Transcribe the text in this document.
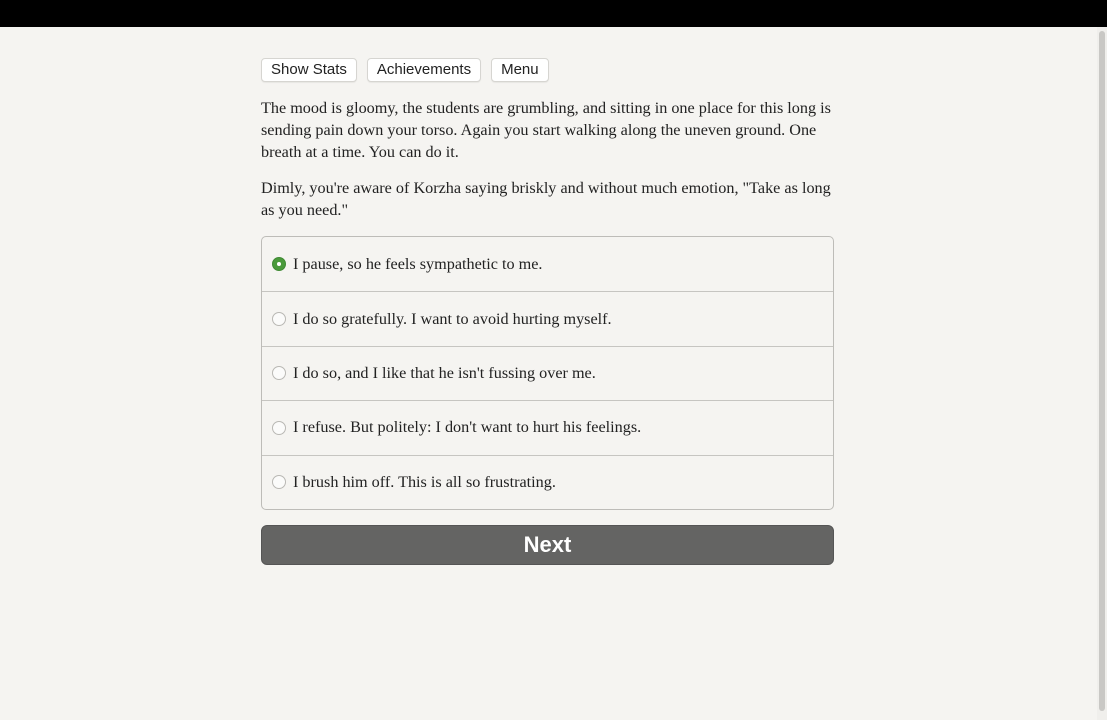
Show Stats	Achievements	Menu

The mood is gloomy, the students are grumbling, and sitting in one place for this long is sending pain down your torso. Again you start walking along the uneven ground. One breath at a time. You can do it.

Dimly, you're aware of Korzha saying briskly and without much emotion, "Take as long as you need."

I pause, so he feels sympathetic to me.
I do so gratefully. I want to avoid hurting myself.
I do so, and I like that he isn't fussing over me.
I refuse. But politely: I don't want to hurt his feelings.
I brush him off. This is all so frustrating.
Next
